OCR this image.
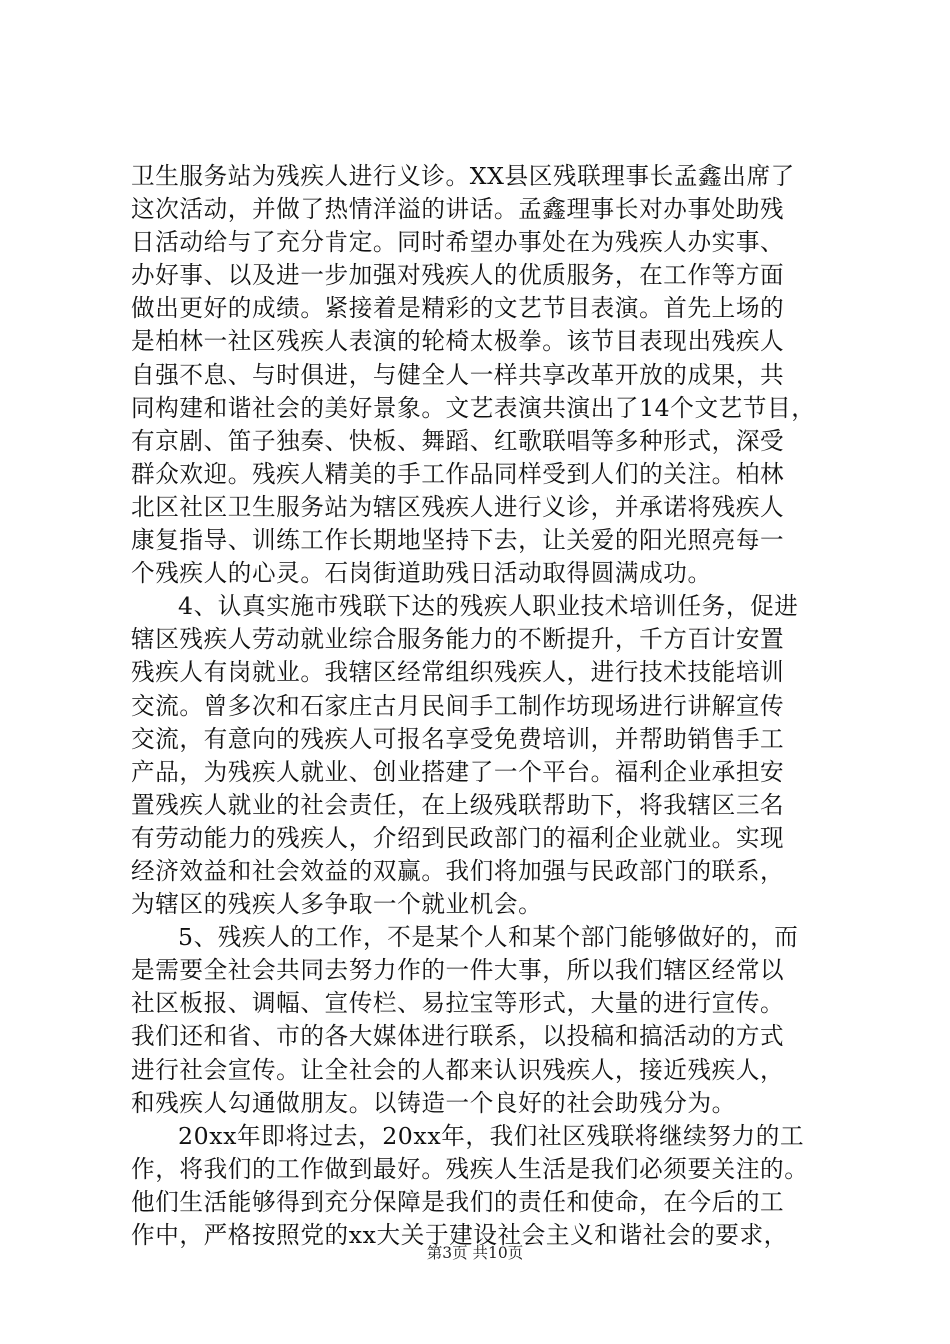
卫生服务站为残疾人进行义诊。XX县区残联理事长孟鑫出席了
这次活动，并做了热情洋溢的讲话。孟鑫理事长对办事处助残
日活动给与了充分肯定。同时希望办事处在为残疾人办实事、
办好事、以及进一步加强对残疾人的优质服务，在工作等方面
做出更好的成绩。紧接着是精彩的文艺节目表演。首先上场的
是柏林一社区残疾人表演的轮椅太极拳。该节目表现出残疾人
自强不息、与时俱进，与健全人一样共享改革开放的成果，共
同构建和谐社会的美好景象。文艺表演共演出了14个文艺节目，
有京剧、笛子独奏、快板、舞蹈、红歌联唱等多种形式，深受
群众欢迎。残疾人精美的手工作品同样受到人们的关注。柏林
北区社区卫生服务站为辖区残疾人进行义诊，并承诺将残疾人
康复指导、训练工作长期地坚持下去，让关爱的阳光照亮每一
个残疾人的心灵。石岗街道助残日活动取得圆满成功。
4、认真实施市残联下达的残疾人职业技术培训任务，促进
辖区残疾人劳动就业综合服务能力的不断提升，千方百计安置
残疾人有岗就业。我辖区经常组织残疾人，进行技术技能培训
交流。曾多次和石家庄古月民间手工制作坊现场进行讲解宣传
交流，有意向的残疾人可报名享受免费培训，并帮助销售手工
产品，为残疾人就业、创业搭建了一个平台。福利企业承担安
置残疾人就业的社会责任，在上级残联帮助下，将我辖区三名
有劳动能力的残疾人，介绍到民政部门的福利企业就业。实现
经济效益和社会效益的双赢。我们将加强与民政部门的联系，
为辖区的残疾人多争取一个就业机会。
5、残疾人的工作，不是某个人和某个部门能够做好的，而
是需要全社会共同去努力作的一件大事，所以我们辖区经常以
社区板报、调幅、宣传栏、易拉宝等形式，大量的进行宣传。
我们还和省、市的各大媒体进行联系，以投稿和搞活动的方式
进行社会宣传。让全社会的人都来认识残疾人，接近残疾人，
和残疾人勾通做朋友。以铸造一个良好的社会助残分为。
20xx年即将过去，20xx年，我们社区残联将继续努力的工
作，将我们的工作做到最好。残疾人生活是我们必须要关注的。
他们生活能够得到充分保障是我们的责任和使命，在今后的工
作中，严格按照党的xx大关于建设社会主义和谐社会的要求，
第3页 共10页
